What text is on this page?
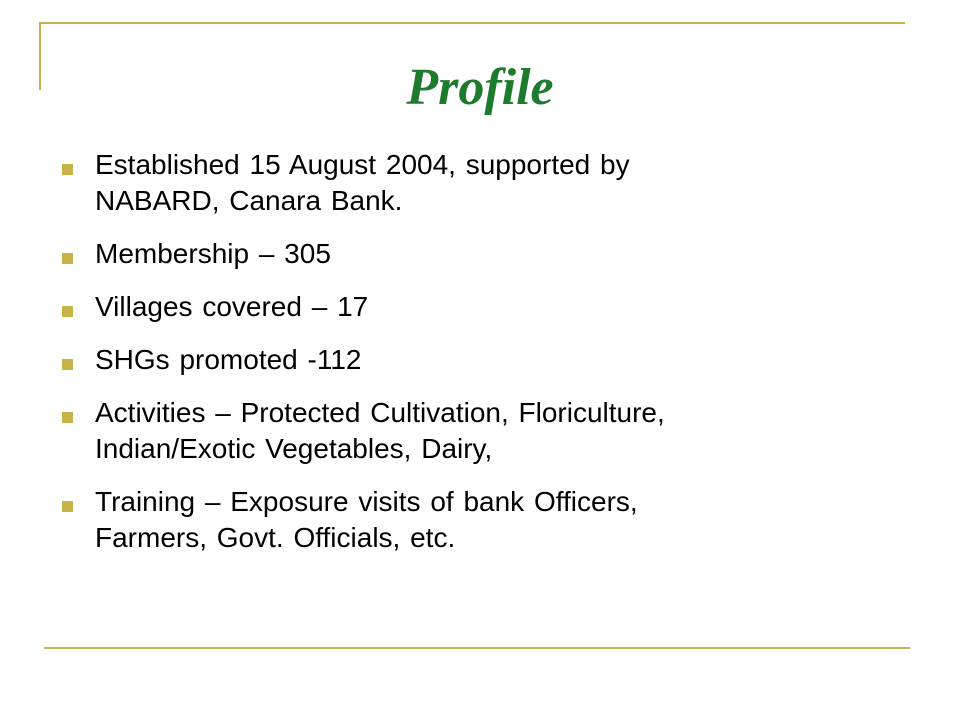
Profile
Established 15 August 2004, supported by
NABARD, Canara Bank.
Membership – 305
Villages covered – 17
SHGs promoted -112
Activities – Protected Cultivation, Floriculture,
Indian/Exotic Vegetables, Dairy,
Training – Exposure visits of bank Officers,
Farmers, Govt. Officials, etc.
